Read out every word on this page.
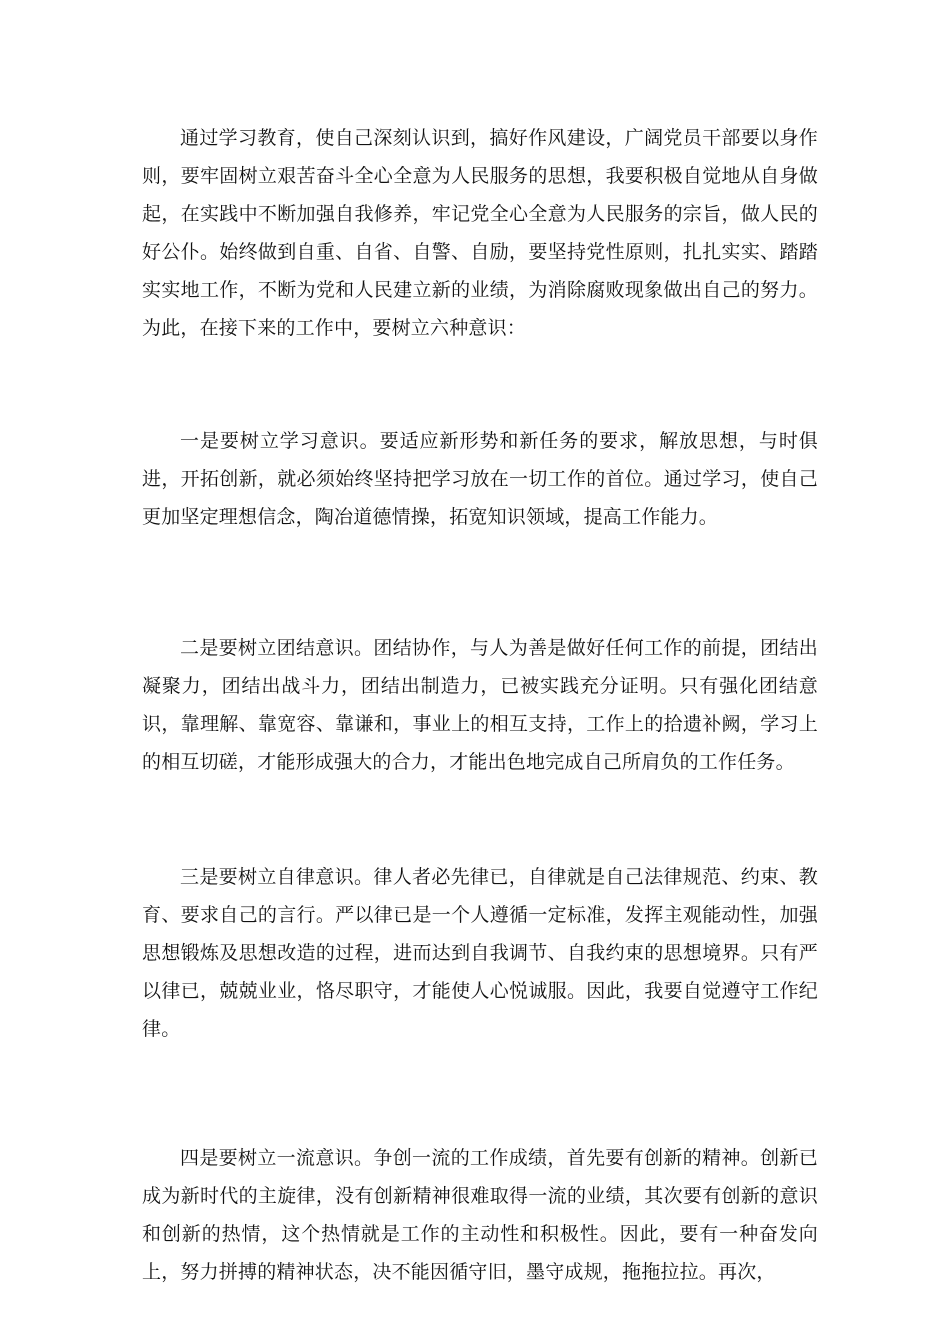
通过学习教育，使自己深刻认识到，搞好作风建设，广阔党员干部要以身作则，要牢固树立艰苦奋斗全心全意为人民服务的思想，我要积极自觉地从自身做起，在实践中不断加强自我修养，牢记党全心全意为人民服务的宗旨，做人民的好公仆。始终做到自重、自省、自警、自励，要坚持党性原则，扎扎实实、踏踏实实地工作，不断为党和人民建立新的业绩，为消除腐败现象做出自己的努力。为此，在接下来的工作中，要树立六种意识：

一是要树立学习意识。要适应新形势和新任务的要求，解放思想，与时俱进，开拓创新，就必须始终坚持把学习放在一切工作的首位。通过学习，使自己更加坚定理想信念，陶冶道德情操，拓宽知识领域，提高工作能力。

二是要树立团结意识。团结协作，与人为善是做好任何工作的前提，团结出凝聚力，团结出战斗力，团结出制造力，已被实践充分证明。只有强化团结意识，靠理解、靠宽容、靠谦和，事业上的相互支持，工作上的拾遗补阙，学习上的相互切磋，才能形成强大的合力，才能出色地完成自己所肩负的工作任务。

三是要树立自律意识。律人者必先律已，自律就是自己法律规范、约束、教育、要求自己的言行。严以律已是一个人遵循一定标准，发挥主观能动性，加强思想锻炼及思想改造的过程，进而达到自我调节、自我约束的思想境界。只有严以律已，兢兢业业，恪尽职守，才能使人心悦诚服。因此，我要自觉遵守工作纪律。

四是要树立一流意识。争创一流的工作成绩，首先要有创新的精神。创新已成为新时代的主旋律，没有创新精神很难取得一流的业绩，其次要有创新的意识和创新的热情，这个热情就是工作的主动性和积极性。因此，要有一种奋发向上，努力拼搏的精神状态，决不能因循守旧，墨守成规，拖拖拉拉。再次，
